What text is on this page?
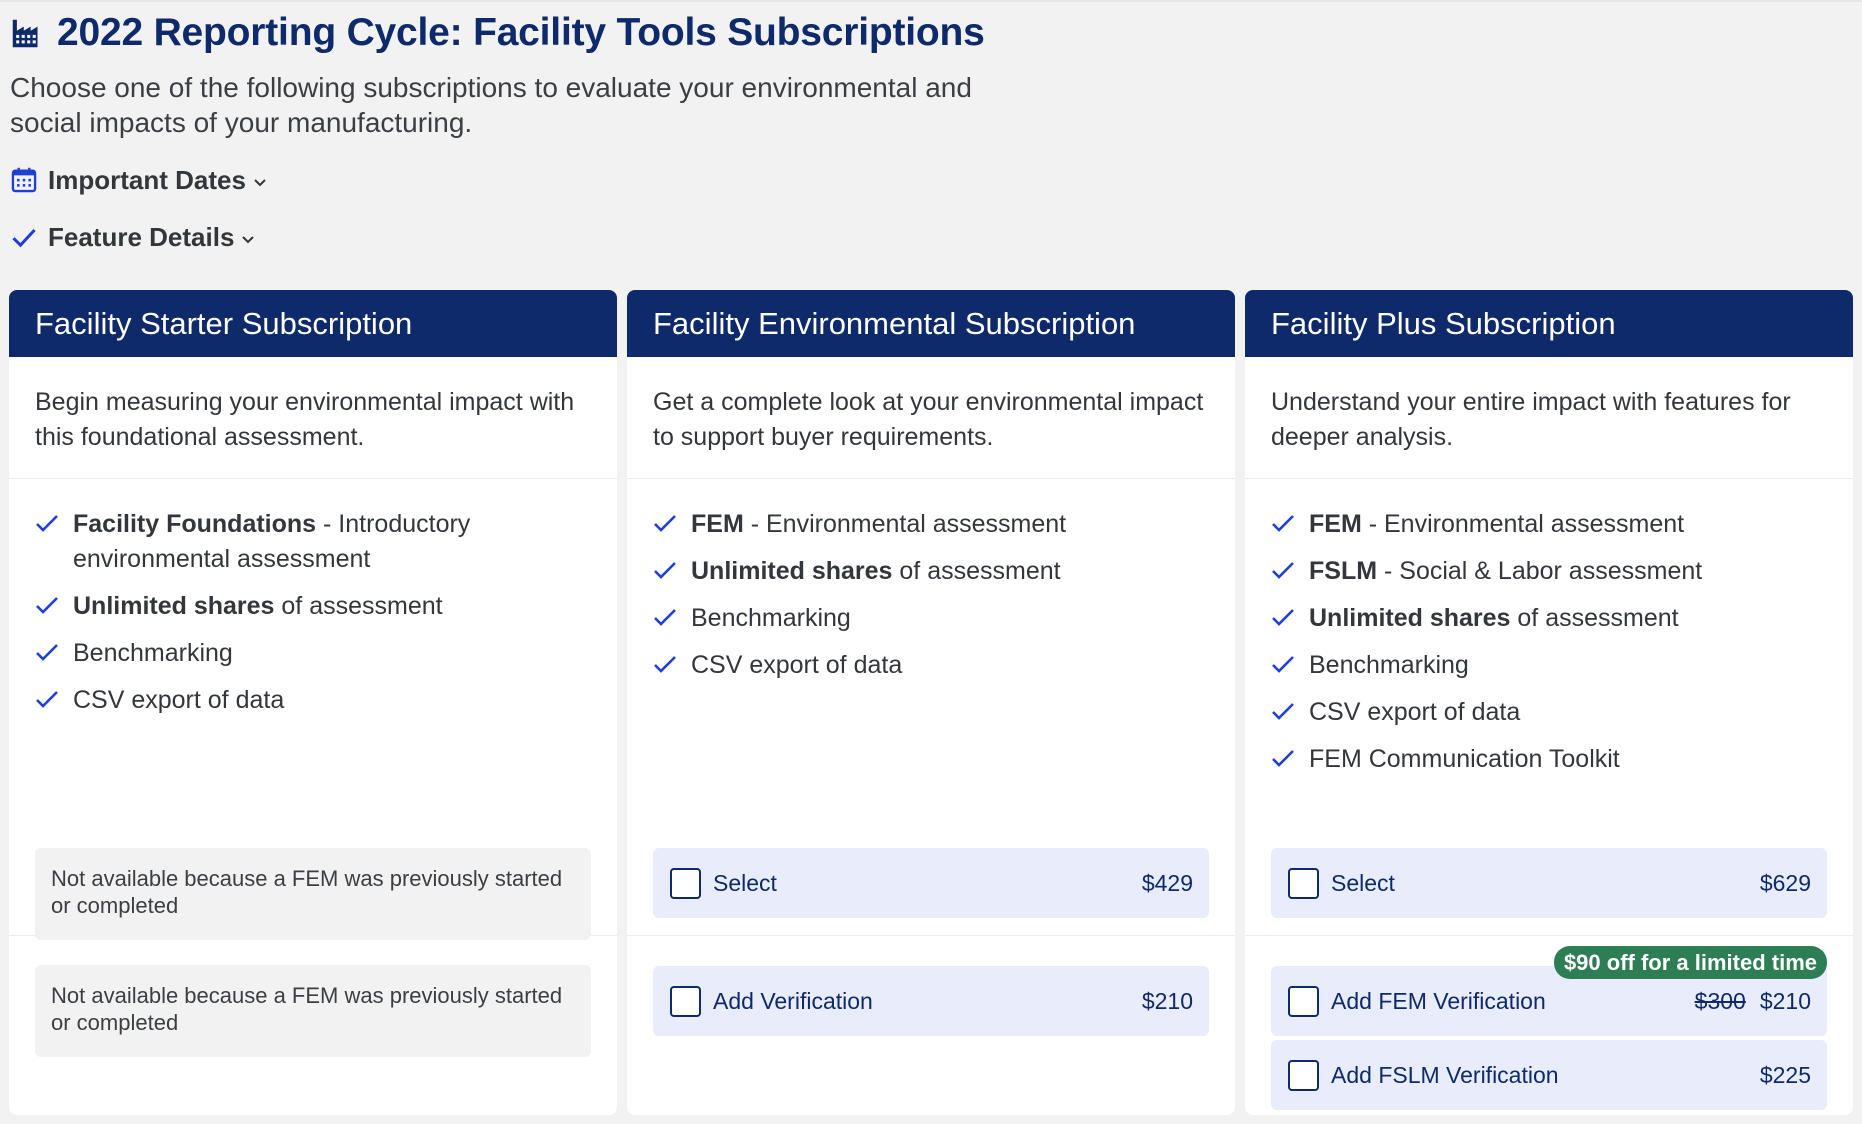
2022 Reporting Cycle: Facility Tools Subscriptions

Choose one of the following subscriptions to evaluate your environmental and social impacts of your manufacturing.

Important Dates
Feature Details
Facility Starter Subscription
Begin measuring your environmental impact with this foundational assessment.
Facility Foundations - Introductory environmental assessment
Unlimited shares of assessment
Benchmarking
CSV export of data
Not available because a FEM was previously started or completed
Not available because a FEM was previously started or completed
Facility Environmental Subscription
Get a complete look at your environmental impact to support buyer requirements.
FEM - Environmental assessment
Unlimited shares of assessment
Benchmarking
CSV export of data
Select	$429
Add Verification	$210
Facility Plus Subscription
Understand your entire impact with features for deeper analysis.
FEM - Environmental assessment
FSLM - Social & Labor assessment
Unlimited shares of assessment
Benchmarking
CSV export of data
FEM Communication Toolkit
Select	$629
$90 off for a limited time
Add FEM Verification	$300 $210
Add FSLM Verification	$225
